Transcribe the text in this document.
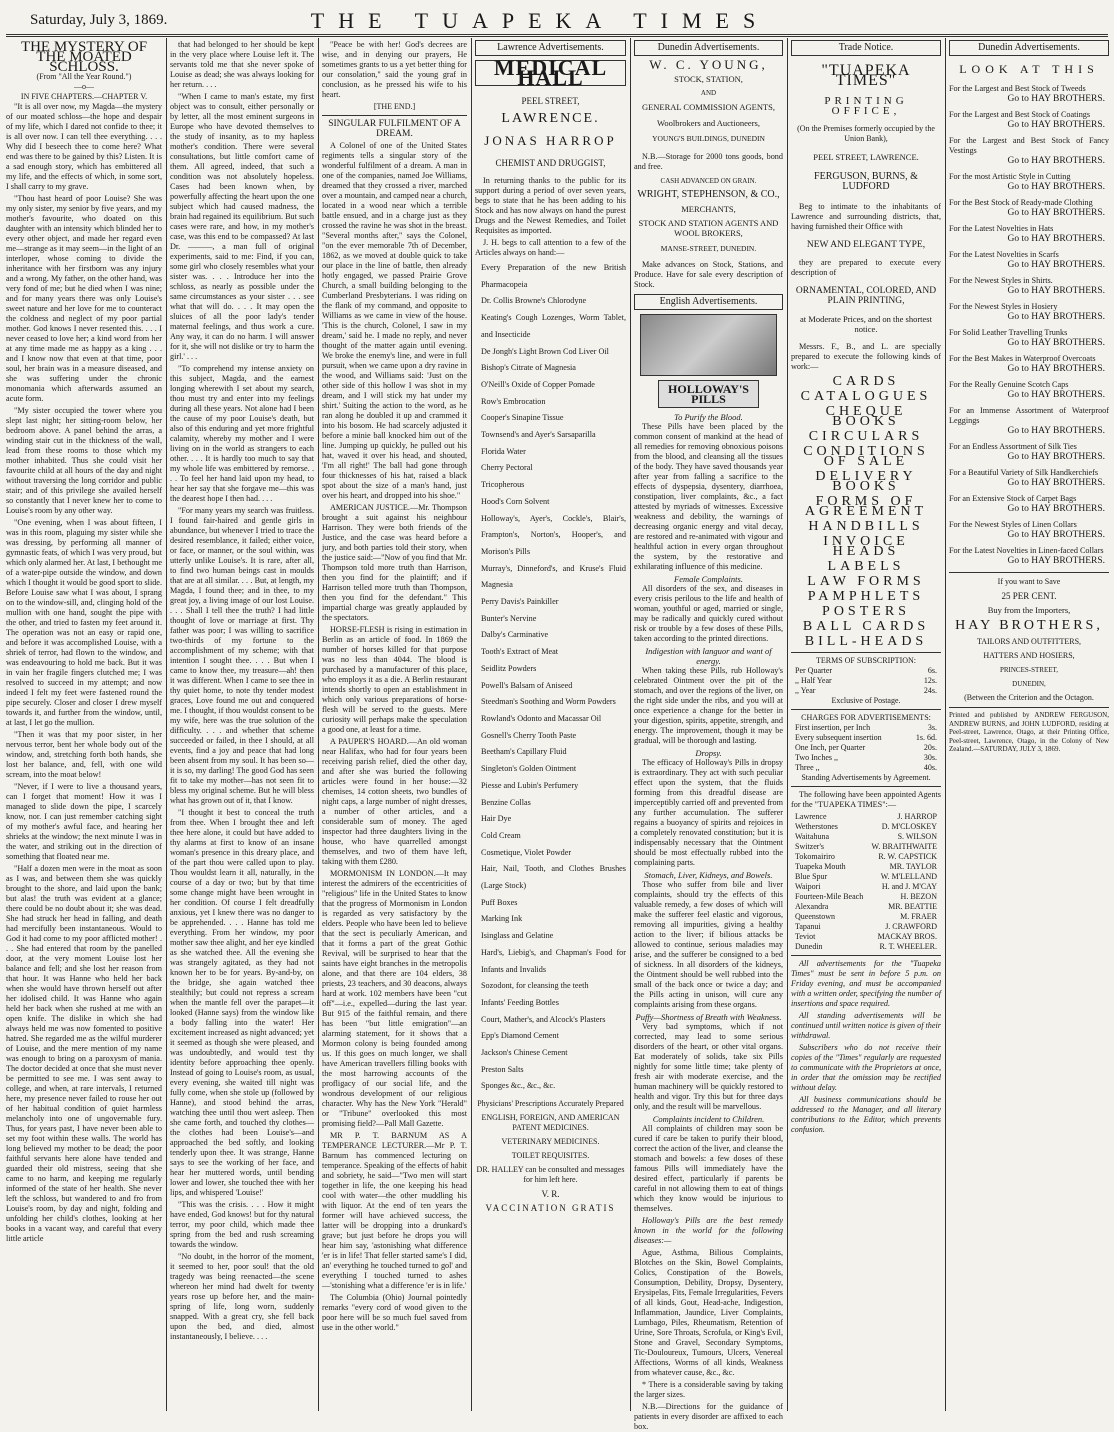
Saturday, July 3, 1869.	THE TUAPEKA TIMES
THE MYSTERY OF THE MOATED SCHLOSS.
(From "All the Year Round.")
—o—
IN FIVE CHAPTERS.—CHAPTER V.

"It is all over now, my Magda—the mystery of our moated schloss—the hope and despair of my life, which I dared not confide to thee; it is all over now. I can tell thee everything. . . . Why did I beseech thee to come here? What end was there to be gained by this? Listen. It is a sad enough story, which has embittered all my life, and the effects of which, in some sort, I shall carry to my grave.

"Thou hast heard of poor Louise? She was my only sister, my senior by five years, and my mother's favourite, who doated on this daughter with an intensity which blinded her to every other object, and made her regard even me—strange as it may seem—in the light of an interloper, whose coming to divide the inheritance with her firstborn was any injury and a wrong. My father, on the other hand, was very fond of me; but he died when I was nine; and for many years there was only Louise's sweet nature and her love for me to counteract the coldness and neglect of my poor partial mother. God knows I never resented this. . . . I never ceased to love her; a kind word from her at any time made me as happy as a king . . . and I know now that even at that time, poor soul, her brain was in a measure diseased, and she was suffering under the chronic monomania which afterwards assumed an acute form.

"My sister occupied the tower where you slept last night; her sitting-room below, her bedroom above. A panel behind the arras, a winding stair cut in the thickness of the wall, lead from these rooms to those which my mother inhabited. Thus she could visit her favourite child at all hours of the day and night without traversing the long corridor and public stair; and of this privilege she availed herself so constantly that I never knew her to come to Louise's room by any other way.

"One evening, when I was about fifteen, I was in this room, plaguing my sister while she was dressing, by performing all manner of gymnastic feats, of which I was very proud, but which only alarmed her. At last, I bethought me of a water-pipe outside the window, and down which I thought it would be good sport to slide. Before Louise saw what I was about, I sprang on to the window-sill, and, clinging hold of the mullion with one hand, sought the pipe with the other, and tried to fasten my feet around it. The operation was not an easy or rapid one, and before it was accomplished Louise, with a shriek of terror, had flown to the window, and was endeavouring to hold me back. But it was in vain her fragile fingers clutched me; I was resolved to succeed in my attempt; and now indeed I felt my feet were fastened round the pipe securely. Closer and closer I drew myself towards it, and further from the window, until, at last, I let go the mullion.

"Then it was that my poor sister, in her nervous terror, bent her whole body out of the window, and, stretching forth both hands, she lost her balance, and, fell, with one wild scream, into the moat below!

"Never, if I were to live a thousand years, can I forget that moment! How it was I managed to slide down the pipe, I scarcely know, nor. I can just remember catching sight of my mother's awful face, and hearing her shrieks at the window; the next minute I was in the water, and striking out in the direction of something that floated near me.

"Half a dozen men were in the moat as soon as I was, and between them she was quickly brought to the shore, and laid upon the bank; but alas! the truth was evident at a glance; there could be no doubt about it; she was dead. She had struck her head in falling, and death had mercifully been instantaneous. Would to God it had come to my poor afflicted mother! . . . She had entered that room by the panelled door, at the very moment Louise lost her balance and fell; and she lost her reason from that hour. It was Hanne who held her back when she would have thrown herself out after her idolised child. It was Hanne who again held her back when she rushed at me with an open knife. The dislike in which she had always held me was now fomented to positive hatred. She regarded me as the wilful murderer of Louise, and the mere mention of my name was enough to bring on a paroxysm of mania. The doctor decided at once that she must never be permitted to see me. I was sent away to college, and when, at rare intervals, I returned here, my presence never failed to rouse her out of her habitual condition of quiet harmless melancholy into one of ungovernable fury. Thus, for years past, I have never been able to set my foot within these walls. The world has long believed my mother to be dead; the poor faithful servants here alone have tended and guarded their old mistress, seeing that she came to no harm, and keeping me regularly informed of the state of her health. She never left the schloss, but wandered to and fro from Louise's room, by day and night, folding and unfolding her child's clothes, looking at her books in a vacant way, and careful that every little article

that had belonged to her should be kept in the very place where Louise left it. The servants told me that she never spoke of Louise as dead; she was always looking for her return. . . .

"When I came to man's estate, my first object was to consult, either personally or by letter, all the most eminent surgeons in Europe who have devoted themselves to the study of insanity, as to my hapless mother's condition. There were several consultations, but little comfort came of them. All agreed, indeed, that such a condition was not absolutely hopeless. Cases had been known when, by powerfully affecting the heart upon the one subject which had caused madness, the brain had regained its equilibrium. But such cases were rare, and how, in my mother's case, was this end to be compassed? At last Dr. ———, a man full of original experiments, said to me: Find, if you can, some girl who closely resembles what your sister was. . . . Introduce her into the schloss, as nearly as possible under the same circumstances as your sister . . . see what that will do. . . . It may open the sluices of all the poor lady's tender maternal feelings, and thus work a cure. Any way, it can do no harm. I will answer for it, she will not dislike or try to harm the girl.' . . .

"To comprehend my intense anxiety on this subject, Magda, and the earnest longing wherewith I set about my search, thou must try and enter into my feelings during all these years. Not alone had I been the cause of my poor Louise's death, but also of this enduring and yet more frightful calamity, whereby my mother and I were living on in the world as strangers to each other. . . . It is hardly too much to say that my whole life was embittered by remorse. . . . To feel her hand laid upon my head, to hear her say that she forgave me—this was the dearest hope I then had. . . .

"For many years my search was fruitless. I found fair-haired and gentle girls in abundance, but whenever I tried to trace the desired resemblance, it failed; either voice, or face, or manner, or the soul within, was utterly unlike Louise's. It is rare, after all, to find two human beings cast in moulds that are at all similar. . . . But, at length, my Magda, I found thee; and in thee, to my great joy, a living image of our lost Louise. . . . Shall I tell thee the truth? I had little thought of love or marriage at first. Thy father was poor; I was willing to sacrifice two-thirds of my fortune to the accomplishment of my scheme; with that intention I sought thee. . . . But when I came to know thee, my treasure—ah! then it was different. When I came to see thee in thy quiet home, to note thy tender modest graces, Love found me out and conquered me. I thought, if thou wouldst consent to be my wife, here was the true solution of the difficulty. . . . and whether that scheme succeeded or failed, in thee I should, at all events, find a joy and peace that had long been absent from my soul. It has been so—it is so, my darling! The good God has seen fit to take my mother—has not seen fit to bless my original scheme. But he will bless what has grown out of it, that I know.

"I thought it best to conceal the truth from thee. When I brought thee and left thee here alone, it could but have added to thy alarms at first to know of an insane woman's presence in this dreary place, and of the part thou were called upon to play. Thou wouldst learn it all, naturally, in the course of a day or two; but by that time some change might have been wrought in her condition. Of course I felt dreadfully anxious, yet I knew there was no danger to be apprehended. . . . Hanne has told me everything. From her window, my poor mother saw thee alight, and her eye kindled as she watched thee. All the evening she was strangely agitated, as they had not known her to be for years. By-and-by, on the bridge, she again watched thee stealthily; but could not repress a scream when the mantle fell over the parapet—it looked (Hanne says) from the window like a body falling into the water! Her excitement increased as night advanced; yet it seemed as though she were pleased, and was undoubtedly, and would test thy identity before approaching thee openly. Instead of going to Louise's room, as usual, every evening, she waited till night was fully come, when she stole up (followed by Hanne), and stood behind the arras, watching thee until thou wert asleep. Then she came forth, and touched thy clothes—the clothes had been Louise's—and approached the bed softly, and looking tenderly upon thee. It was strange, Hanne says to see the working of her face, and hear her muttered words, until bending lower and lower, she touched thee with her lips, and whispered 'Louise!'

"This was the crisis. . . . How it might have ended, God knows! but for thy natural terror, my poor child, which made thee spring from the bed and rush screaming towards the window.

"No doubt, in the horror of the moment, it seemed to her, poor soul! that the old tragedy was being reenacted—the scene whereon her mind had dwelt for twenty years rose up before her, and the main-spring of life, long worn, suddenly snapped. With a great cry, she fell back upon the bed, and died, almost instantaneously, I believe. . . .

"Peace be with her! God's decrees are wise, and in denying our prayers, He sometimes grants to us a yet better thing for our consolation," said the young graf in conclusion, as he pressed his wife to his heart.

[THE END.]
SINGULAR FULFILMENT OF A DREAM.

A Colonel of one of the United States regiments tells a singular story of the wonderful fulfilment of a dream. A man in one of the companies, named Joe Williams, dreamed that they crossed a river, marched over a mountain, and camped near a church, located in a wood near which a terrible battle ensued, and in a charge just as they crossed the ravine he was shot in the breast. "Several months after," says the Colonel, "on the ever memorable 7th of December, 1862, as we moved at double quick to take our place in the line of battle, then already hotly engaged, we passed Prairie Grove Church, a small building belonging to the Cumberland Presbyterians. I was riding on the flank of my command, and opposite to Williams as we came in view of the house. 'This is the church, Colonel, I saw in my dream,' said he. I made no reply, and never thought of the matter again until evening. We broke the enemy's line, and were in full pursuit, when we came upon a dry ravine in the wood, and Williams said: 'Just on the other side of this hollow I was shot in my dream, and I will stick my hat under my shirt.' Suiting the action to the word, as he ran along he doubled it up and crammed it into his bosom. He had scarcely adjusted it before a minie ball knocked him out of the line. Jumping up quickly, he pulled out his hat, waved it over his head, and shouted, 'I'm all right!' The ball had gone through four thicknesses of his hat, raised a black spot about the size of a man's hand, just over his heart, and dropped into his shoe."

AMERICAN JUSTICE.—Mr. Thompson brought a suit against his neighbour Harrison. They were both friends of the Justice, and the case was heard before a jury, and both parties told their story, when the justice said:—"Now of you find that Mr. Thompson told more truth than Harrison, then you find for the plaintiff; and if Harrison telled more truth than Thompson, then you find for the defendant." This impartial charge was greatly applauded by the spectators.

HORSE-FLESH is rising in estimation in Berlin as an article of food. In 1869 the number of horses killed for that purpose was no less than 4044. The blood is purchased by a manufacturer of this place, who employs it as a die. A Berlin restaurant intends shortly to open an establishment in which only various preparations of horse-flesh will be served to the guests. Mere curiosity will perhaps make the speculation a good one, at least for a time.

A PAUPER'S HOARD.—An old woman near Halifax, who had for four years been receiving parish relief, died the other day, and after she was buried the following articles were found in her house:—32 chemises, 14 cotton sheets, two bundles of night caps, a large number of night dresses, a number of other articles, and a considerable sum of money. The aged inspector had three daughters living in the house, who have quarrelled amongst themselves, and two of them have left, taking with them £280.

MORMONISM IN LONDON.—It may interest the admirers of the eccentricities of "religious" life in the United States to know that the progress of Mormonism in London is regarded as very satisfactory by the elders. People who have been led to believe that the sect is peculiarly American, and that it forms a part of the great Gothic Revival, will be surprised to hear that the saints have eight branches in the metropolis alone, and that there are 104 elders, 38 priests, 23 teachers, and 30 deacons, always hard at work. 102 members have been "cut off"—i.e., expelled—during the last year. But 915 of the faithful remain, and there has been "but little emigration"—an alarming statement, for it shows that a Mormon colony is being founded among us. If this goes on much longer, we shall have American travellers filling books with the most harrowing accounts of the profligacy of our social life, and the wondrous development of our religious character. Why has the New York "Herald" or "Tribune" overlooked this most promising field?—Pall Mall Gazette.

MR P. T. BARNUM AS A TEMPERANCE LECTURER.—Mr P. T. Barnum has commenced lecturing on temperance. Speaking of the effects of habit and sobriety, he said—"Two men will start together in life, the one keeping his head cool with water—the other muddling his with liquor. At the end of ten years the former will have achieved success, the latter will be dropping into a drunkard's grave; but just before he drops you will hear him say, 'astonishing what difference 'er is in life! That feller started same's I did, an' everything he touched turned to gol' and everything I touched turned to ashes—'stonishing what a difference 'er is in life.'

The Columbia (Ohio) Journal pointedly remarks "every cord of wood given to the poor here will be so much fuel saved from use in the other world."

Lawrence Advertisements.
MEDICAL HALL
PEEL STREET,
LAWRENCE.
JONAS HARROP
CHEMIST AND DRUGGIST,

In returning thanks to the public for its support during a period of over seven years, begs to state that he has been adding to his Stock and has now always on hand the purest Drugs and the Newest Remedies, and Toilet Requisites as imported.

J. H. begs to call attention to a few of the Articles always on hand:—

Every Preparation of the new British Pharmacopeia
Dr. Collis Browne's Chlorodyne
Keating's Cough Lozenges, Worm Tablet, and Insecticide
De Jongh's Light Brown Cod Liver Oil
Bishop's Citrate of Magnesia
O'Neill's Oxide of Copper Pomade
Row's Embrocation
Cooper's Sinapine Tissue
Townsend's and Ayer's Sarsaparilla
Florida Water
Cherry Pectoral
Tricopherous
Hood's Corn Solvent
Holloway's, Ayer's, Cockle's, Blair's, Frampton's, Norton's, Hooper's, and Morison's Pills
Murray's, Dinneford's, and Kruse's Fluid Magnesia
Perry Davis's Painkiller
Bunter's Nervine
Dalby's Carminative
Tooth's Extract of Meat
Seidlitz Powders
Powell's Balsam of Aniseed
Steedman's Soothing and Worm Powders
Rowland's Odonto and Macassar Oil
Gosnell's Cherry Tooth Paste
Beetham's Capillary Fluid
Singleton's Golden Ointment
Piesse and Lubin's Perfumery
Benzine Collas
Hair Dye
Cold Cream
Cosmetique, Violet Powder
Hair, Nail, Tooth, and Clothes Brushes (Large Stock)
Puff Boxes
Marking Ink
Isinglass and Gelatine
Hard's, Liebig's, and Chapman's Food for Infants and Invalids
Sozodont, for cleansing the teeth
Infants' Feeding Bottles
Court, Mather's, and Alcock's Plasters
Epp's Diamond Cement
Jackson's Chinese Cement
Preston Salts
Sponges &c., &c., &c.
Physicians' Prescriptions Accurately Prepared
ENGLISH, FOREIGN, AND AMERICAN PATENT MEDICINES.
VETERINARY MEDICINES.
TOILET REQUISITES.
DR. HALLEY can be consulted and messages for him left here.
V. R.
VACCINATION GRATIS
Dunedin Advertisements.
W. C. YOUNG,
STOCK, STATION,
AND
GENERAL COMMISSION AGENTS,
Woolbrokers and Auctioneers,
YOUNG'S BUILDINGS, DUNEDIN

N.B.—Storage for 2000 tons goods, bond and free.

CASH ADVANCED ON GRAIN.
WRIGHT, STEPHENSON, & CO.,
MERCHANTS,
STOCK AND STATION AGENTS AND WOOL BROKERS,
MANSE-STREET, DUNEDIN.

Make advances on Stock, Stations, and Produce. Have for sale every description of Stock.

English Advertisements.
HOLLOWAY'S PILLS
To Purify the Blood.

These Pills have been placed by the common consent of mankind at the head of all remedies for removing obnoxious poisons from the blood, and cleansing all the tissues of the body. They have saved thousands year after year from falling a sacrifice to the effects of dyspepsia, dysentery, diarrhoea, constipation, liver complaints, &c., a fact attested by myriads of witnesses. Excessive weakness and debility, the warnings of decreasing organic energy and vital decay, are restored and re-animated with vigour and healthful action in every organ throughout the system, by the restorative and exhilarating influence of this medicine.

Female Complaints.

All disorders of the sex, and diseases in every crisis perilous to the life and health of woman, youthful or aged, married or single, may be radically and quickly cured without risk or trouble by a few doses of these Pills, taken according to the printed directions.

Indigestion with languor and want of energy.

When taking these Pills, rub Holloway's celebrated Ointment over the pit of the stomach, and over the regions of the liver, on the right side under the ribs, and you will at once experience a change for the better in your digestion, spirits, appetite, strength, and energy. The improvement, though it may be gradual, will be thorough and lasting.

Dropsy.

The efficacy of Holloway's Pills in dropsy is extraordinary. They act with such peculiar effect upon the system, that the fluids forming from this dreadful disease are imperceptibly carried off and prevented from any further accumulation. The sufferer regains a buoyancy of spirits and rejoices in a completely renovated constitution; but it is indispensably necessary that the Ointment should be most effectually rubbed into the complaining parts.

Stomach, Liver, Kidneys, and Bowels.

Those who suffer from bile and liver complaints, should try the effects of this valuable remedy, a few doses of which will make the sufferer feel elastic and vigorous, removing all impurities, giving a healthy action to the liver; if bilious attacks be allowed to continue, serious maladies may arise, and the sufferer be consigned to a bed of sickness. In all disorders of the kidneys, the Ointment should be well rubbed into the small of the back once or twice a day; and the Pills acting in unison, will cure any complaints arising from these organs.

Puffy—Shortness of Breath with Weakness.

Very bad symptoms, which if not corrected, may lead to some serious disorders of the heart, or other vital organs. Eat moderately of solids, take six Pills nightly for some little time; take plenty of fresh air with moderate exercise, and the human machinery will be quickly restored to health and vigor. Try this but for three days only, and the result will be marvellous.

Complaints incident to Children.

All complaints of children may soon be cured if care be taken to purify their blood, correct the action of the liver, and cleanse the stomach and bowels: a few doses of these famous Pills will immediately have the desired effect, particularly if parents be careful in not allowing them to eat of things which they know would be injurious to themselves.

Holloway's Pills are the best remedy known in the world for the following diseases:—

Ague, Asthma, Bilious Complaints, Blotches on the Skin, Bowel Complaints, Colics, Constipation of the Bowels, Consumption, Debility, Dropsy, Dysentery, Erysipelas, Fits, Female Irregularities, Fevers of all kinds, Gout, Head-ache, Indigestion, Inflammation, Jaundice, Liver Complaints, Lumbago, Piles, Rheumatism, Retention of Urine, Sore Throats, Scrofula, or King's Evil, Stone and Gravel, Secondary Symptoms, Tic-Douloureux, Tumours, Ulcers, Venereal Affections, Worms of all kinds, Weakness from whatever cause, &c., &c.

* There is a considerable saving by taking the larger sizes.

N.B.—Directions for the guidance of patients in every disorder are affixed to each box.

Trade Notice.
"TUAPEKA TIMES"
PRINTING OFFICE,
(On the Premises formerly occupied by the Union Bank),
PEEL STREET, LAWRENCE.
FERGUSON, BURNS, & LUDFORD

Beg to intimate to the inhabitants of Lawrence and surrounding districts, that, having furnished their Office with

NEW AND ELEGANT TYPE,

they are prepared to execute every description of

ORNAMENTAL, COLORED, AND PLAIN PRINTING,
at Moderate Prices, and on the shortest notice.

Messrs. F., B., and L. are specially prepared to execute the following kinds of work:—

CARDS
CATALOGUES
CHEQUE BOOKS
CIRCULARS
CONDITIONS OF SALE
DELIVERY BOOKS
FORMS OF AGREEMENT
HANDBILLS
INVOICE HEADS
LABELS
LAW FORMS
PAMPHLETS
POSTERS
BALL CARDS
BILL-HEADS
TERMS OF SUBSCRIPTION:
Per Quarter	6s.
,, Half Year	12s.
,, Year	24s.
Exclusive of Postage.
CHARGES FOR ADVERTISEMENTS:
First insertion, per Inch	3s.
Every subsequent insertion	1s. 6d.
One Inch, per Quarter	20s.
Two Inches ,,	30s.
Three ,,	40s.
Standing Advertisements by Agreement.

The following have been appointed Agents for the "TUAPEKA TIMES":—

Lawrence	J. HARROP
Wetherstones	D. M'CLOSKEY
Waitahuna	S. WILSON
Switzer's	W. BRAITHWAITE
Tokomairiro	R. W. CAPSTICK
Tuapeka Mouth	MR. TAYLOR
Blue Spur	W. M'LELLAND
Waipori	H. and J. M'CAY
Fourteen-Mile Beach	H. BEZON
Alexandra	MR. BEATTIE
Queenstown	M. FRAER
Tapanui	J. CRAWFORD
Teviot	MACKAY BROS.
Dunedin	R. T. WHEELER.

All advertisements for the "Tuapeka Times" must be sent in before 5 p.m. on Friday evening, and must be accompanied with a written order, specifying the number of insertions and space required.

All standing advertisements will be continued until written notice is given of their withdrawal.

Subscribers who do not receive their copies of the "Times" regularly are requested to communicate with the Proprietors at once, in order that the omission may be rectified without delay.

All business communications should be addressed to the Manager, and all literary contributions to the Editor, which prevents confusion.

Dunedin Advertisements.
LOOK AT THIS
For the Largest and Best Stock of Tweeds
Go to HAY BROTHERS.
For the Largest and Best Stock of Coatings
Go to HAY BROTHERS.
For the Largest and Best Stock of Fancy Vestings
Go to HAY BROTHERS.
For the most Artistic Style in Cutting
Go to HAY BROTHERS.
For the Best Stock of Ready-made Clothing
Go to HAY BROTHERS.
For the Latest Novelties in Hats
Go to HAY BROTHERS.
For the Latest Novelties in Scarfs
Go to HAY BROTHERS.
For the Newest Styles in Shirts.
Go to HAY BROTHERS.
For the Newest Styles in Hosiery
Go to HAY BROTHERS.
For Solid Leather Travelling Trunks
Go to HAY BROTHERS.
For the Best Makes in Waterproof Overcoats
Go to HAY BROTHERS.
For the Really Genuine Scotch Caps
Go to HAY BROTHERS.
For an Immense Assortment of Waterproof Leggings
Go to HAY BROTHERS.
For an Endless Assortment of Silk Ties
Go to HAY BROTHERS.
For a Beautiful Variety of Silk Handkerchiefs
Go to HAY BROTHERS.
For an Extensive Stock of Carpet Bags
Go to HAY BROTHERS.
For the Newest Styles of Linen Collars
Go to HAY BROTHERS.
For the Latest Novelties in Linen-faced Collars
Go to HAY BROTHERS.
If you want to Save
25 PER CENT.
Buy from the Importers,
HAY BROTHERS,
TAILORS AND OUTFITTERS,
HATTERS AND HOSIERS,
PRINCES-STREET,
DUNEDIN,
(Between the Criterion and the Octagon.
Printed and published by ANDREW FERGUSON, ANDREW BURNS, and JOHN LUDFORD, residing at Peel-street, Lawrence, Otago, at their Printing Office, Peel-street, Lawrence, Otago, in the Colony of New Zealand.—SATURDAY, JULY 3, 1869.
